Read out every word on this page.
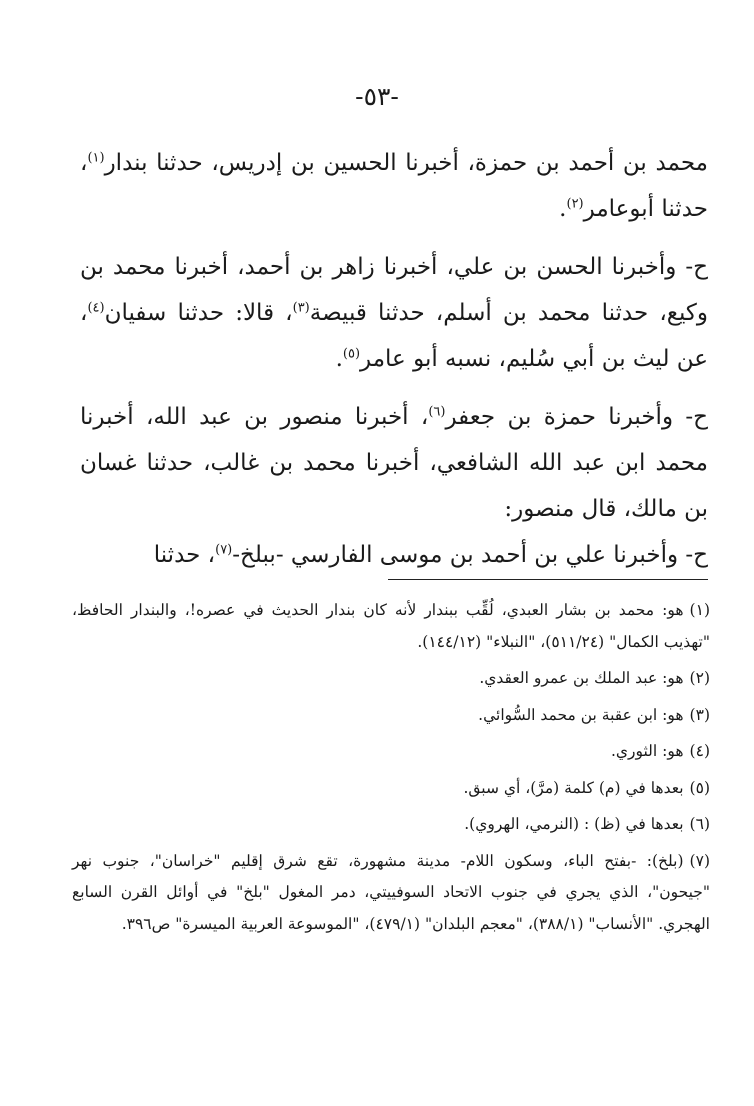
-٥٣-

محمد بن أحمد بن حمزة، أخبرنا الحسين بن إدريس، حدثنا بندار$^{(١)}$، حدثنا أبوعامر$^{(٢)}$.

ح- وأخبرنا الحسن بن علي، أخبرنا زاهر بن أحمد، أخبرنا محمد بن وكيع، حدثنا محمد بن أسلم، حدثنا قبيصة$^{(٣)}$، قالا: حدثنا سفيان$^{(٤)}$، عن ليث بن أبي سُليم، نسبه أبو عامر$^{(٥)}$.

ح- وأخبرنا حمزة بن جعفر$^{(٦)}$، أخبرنا منصور بن عبد الله، أخبرنا محمد ابن عبد الله الشافعي، أخبرنا محمد بن غالب، حدثنا غسان بن مالك، قال منصور:

ح- وأخبرنا علي بن أحمد بن موسى الفارسي -ببلخ-$^{(٧)}$، حدثنا

(١)هو: محمد بن بشار العبدي، لُقِّب ببندار لأنه كان بندار الحديث في عصره!، والبندار الحافظ، "تهذيب الكمال" (٥١١/٢٤)، "النبلاء" (١٤٤/١٢).

(٢)هو: عبد الملك بن عمرو العقدي.

(٣)هو: ابن عقبة بن محمد السُّوائي.

(٤)هو: الثوري.

(٥)بعدها في (م) كلمة (مرَّ)، أي سبق.

(٦)بعدها في (ظ) : (النرمي، الهروي).

(٧)(بلخ): -بفتح الباء، وسكون اللام- مدينة مشهورة، تقع شرق إقليم "خراسان"، جنوب نهر "جيحون"، الذي يجري في جنوب الاتحاد السوفييتي، دمر المغول "بلخ" في أوائل القرن السابع الهجري. "الأنساب" (٣٨٨/١)، "معجم البلدان" (٤٧٩/١)، "الموسوعة العربية الميسرة" ص٣٩٦.
